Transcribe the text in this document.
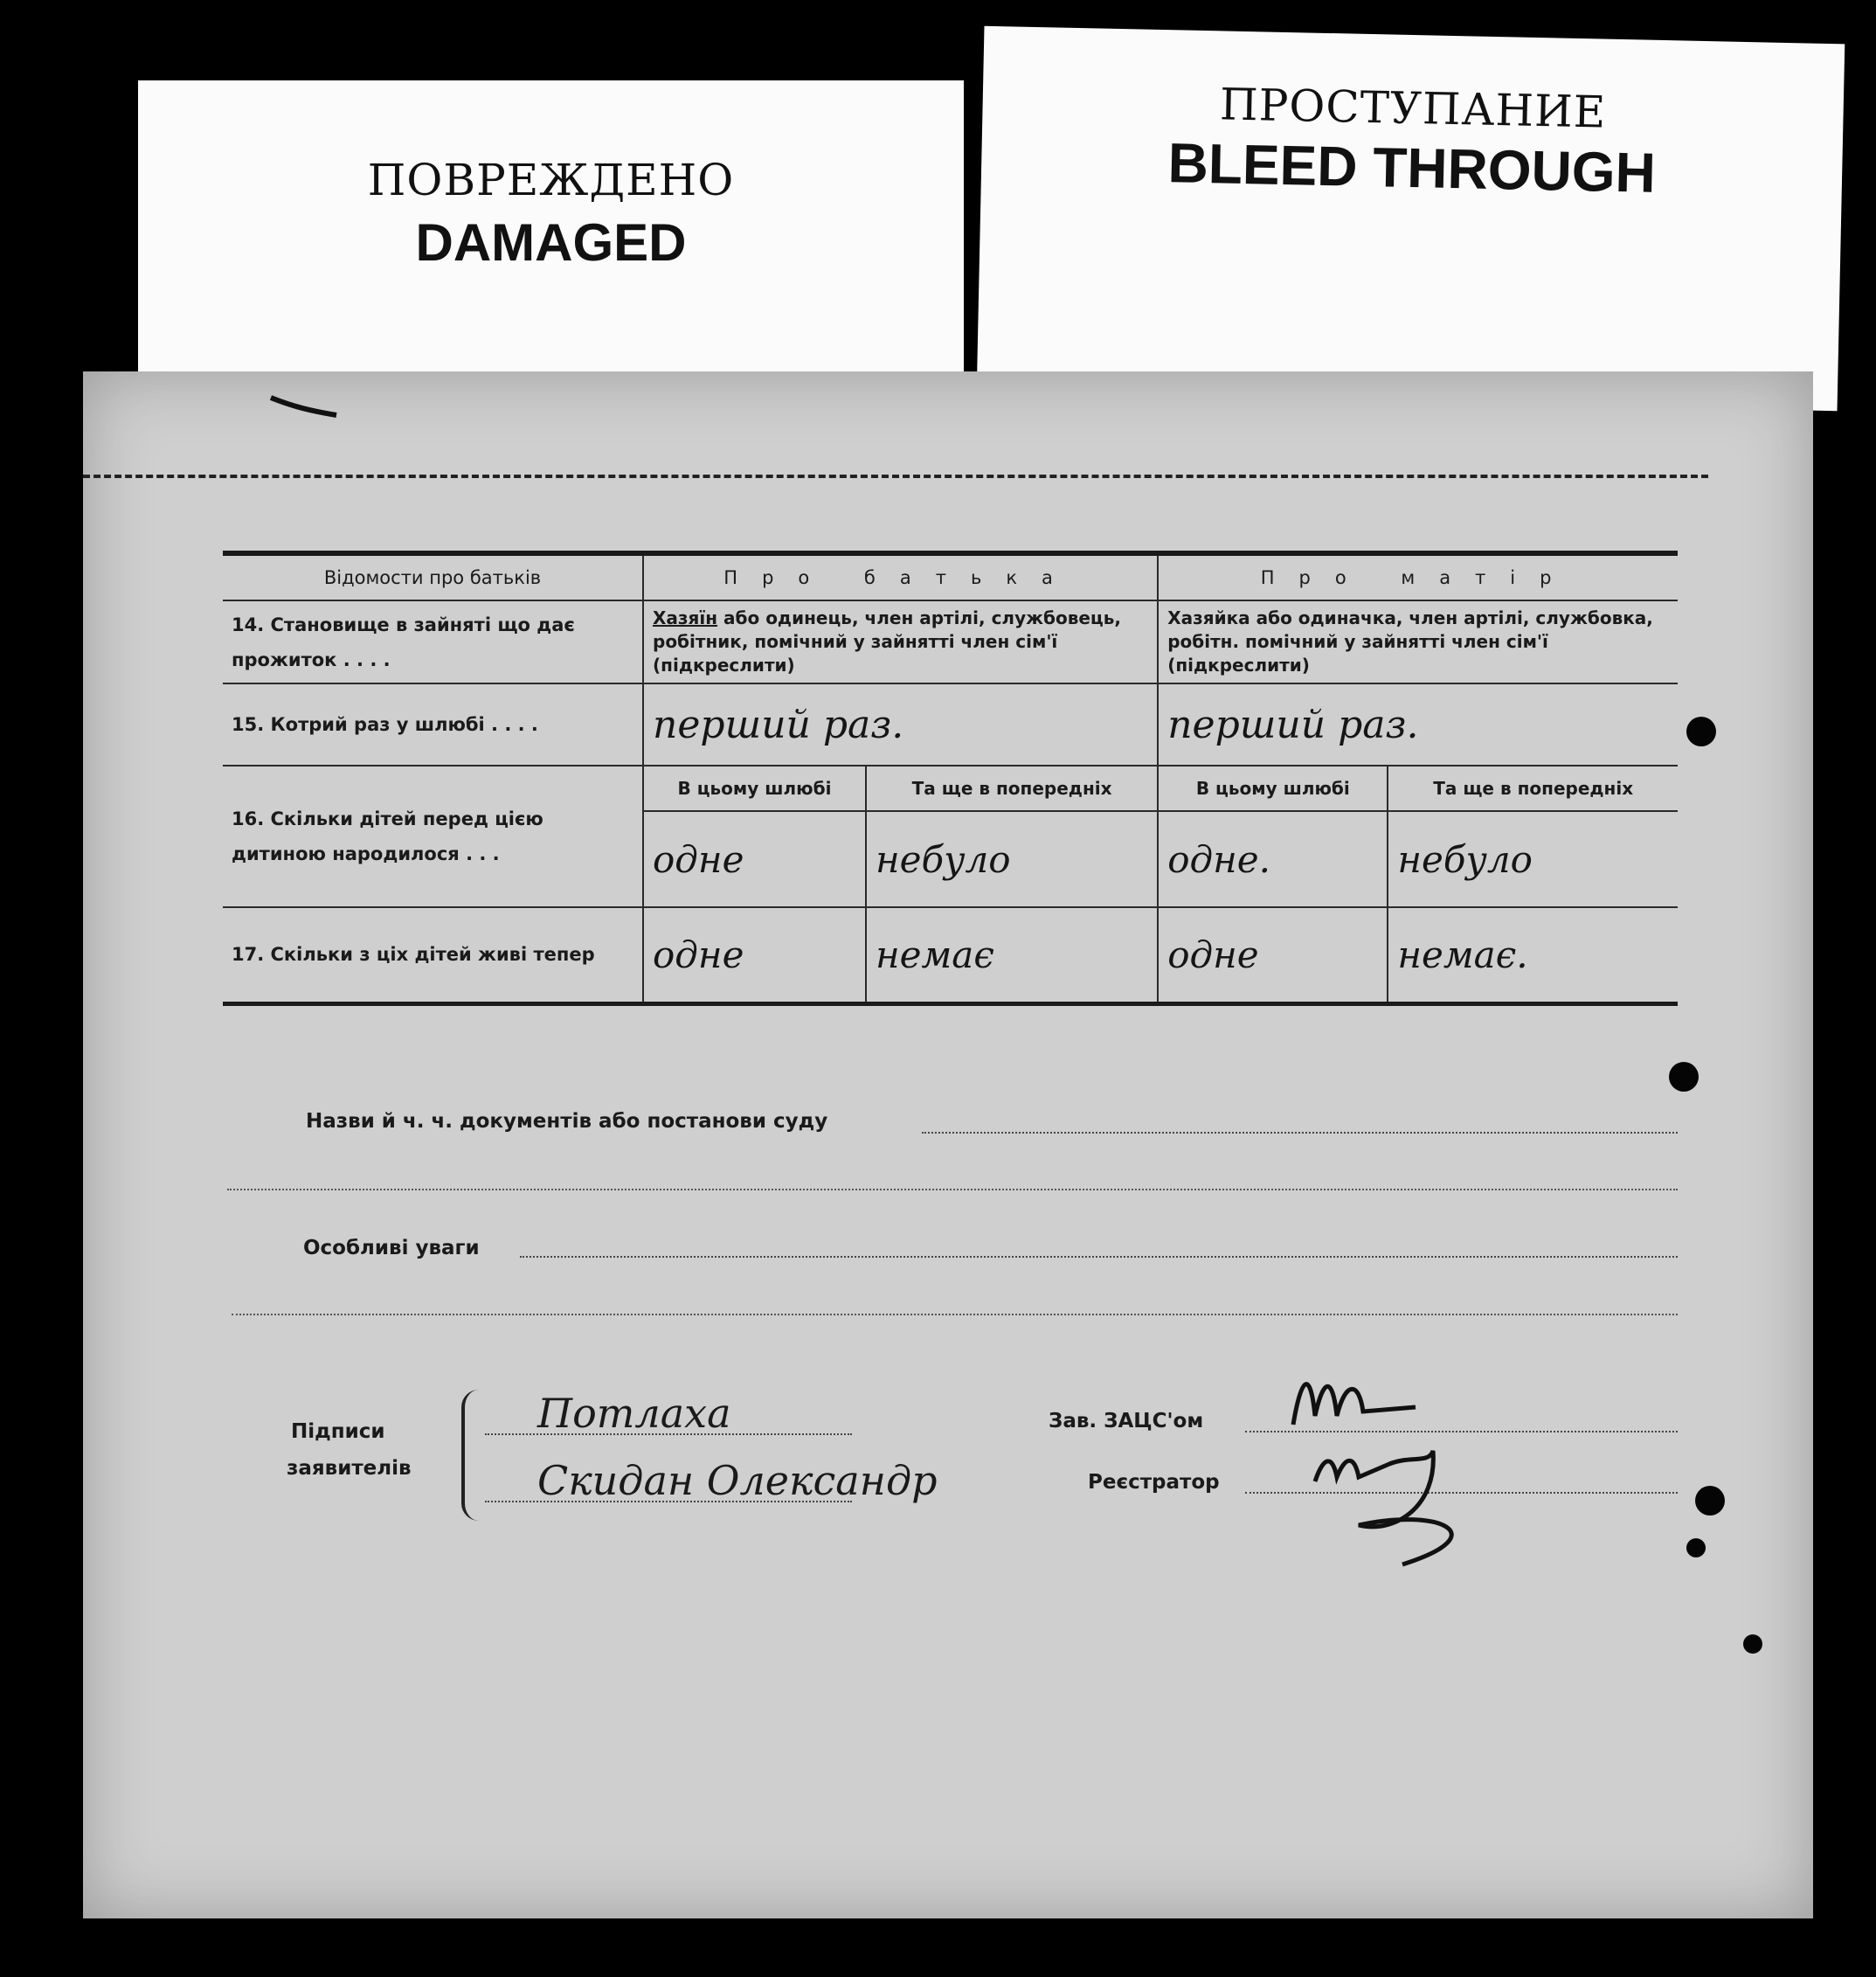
ПОВРЕЖДЕНО
DAMAGED
ПРОСТУПАНИЕ
BLEED THROUGH
Відомости про батьків	Про батька		Про матір	
14. Становище в зайняті що дає прожиток . . . .	Хазяїн або одинець, член артілі, службовець, робітник, помічний у зайнятті член сім'ї (підкреслити)		Хазяйка або одиначка, член артілі, службовка, робітн. помічний у зайнятті член сім'ї (підкреслити)	
15. Котрий раз у шлюбі . . . .	перший раз.		перший раз.	
16. Скільки дітей перед цією дитиною народилося . . .	В цьому шлюбі	Та ще в попередніх	В цьому шлюбі	Та ще в попередніх
	одне	небуло	одне.	небуло
17. Скільки з ціх дітей живі тепер	одне	немає	одне	немає.
Назви й ч. ч. документів або постанови суду
Особливі уваги
Підписи
заявителів
Потлаха
Скидан Олександр
Зав. ЗАЦС'ом
Реєстратор
